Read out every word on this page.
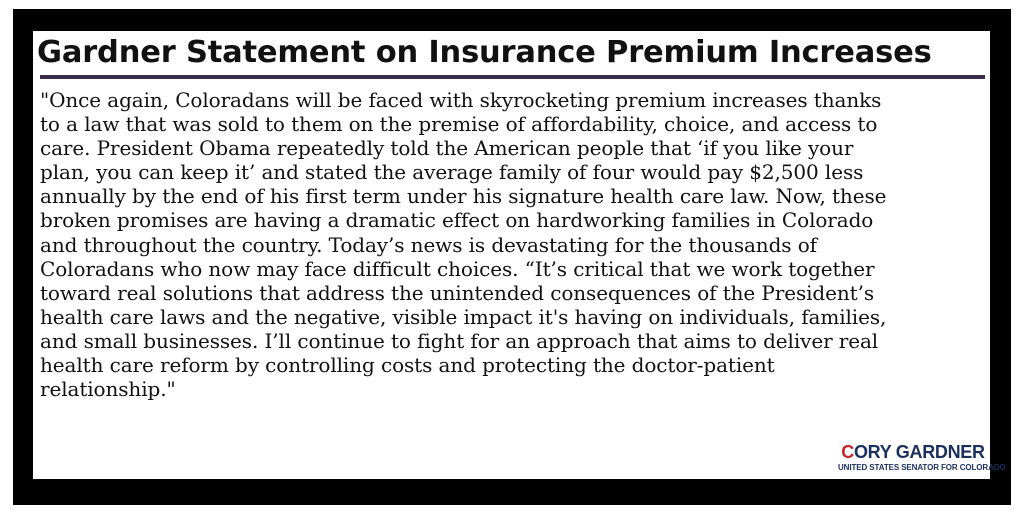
Gardner Statement on Insurance Premium Increases
"Once again, Coloradans will be faced with skyrocketing premium increases thanks
to a law that was sold to them on the premise of affordability, choice, and access to
care. President Obama repeatedly told the American people that ‘if you like your
plan, you can keep it’ and stated the average family of four would pay $2,500 less
annually by the end of his first term under his signature health care law. Now, these
broken promises are having a dramatic effect on hardworking families in Colorado
and throughout the country. Today’s news is devastating for the thousands of
Coloradans who now may face difficult choices. “It’s critical that we work together
toward real solutions that address the unintended consequences of the President’s
health care laws and the negative, visible impact it's having on individuals, families,
and small businesses. I’ll continue to fight for an approach that aims to deliver real
health care reform by controlling costs and protecting the doctor-patient
relationship."
CORY GARDNER
UNITED STATES SENATOR FOR COLORADO
